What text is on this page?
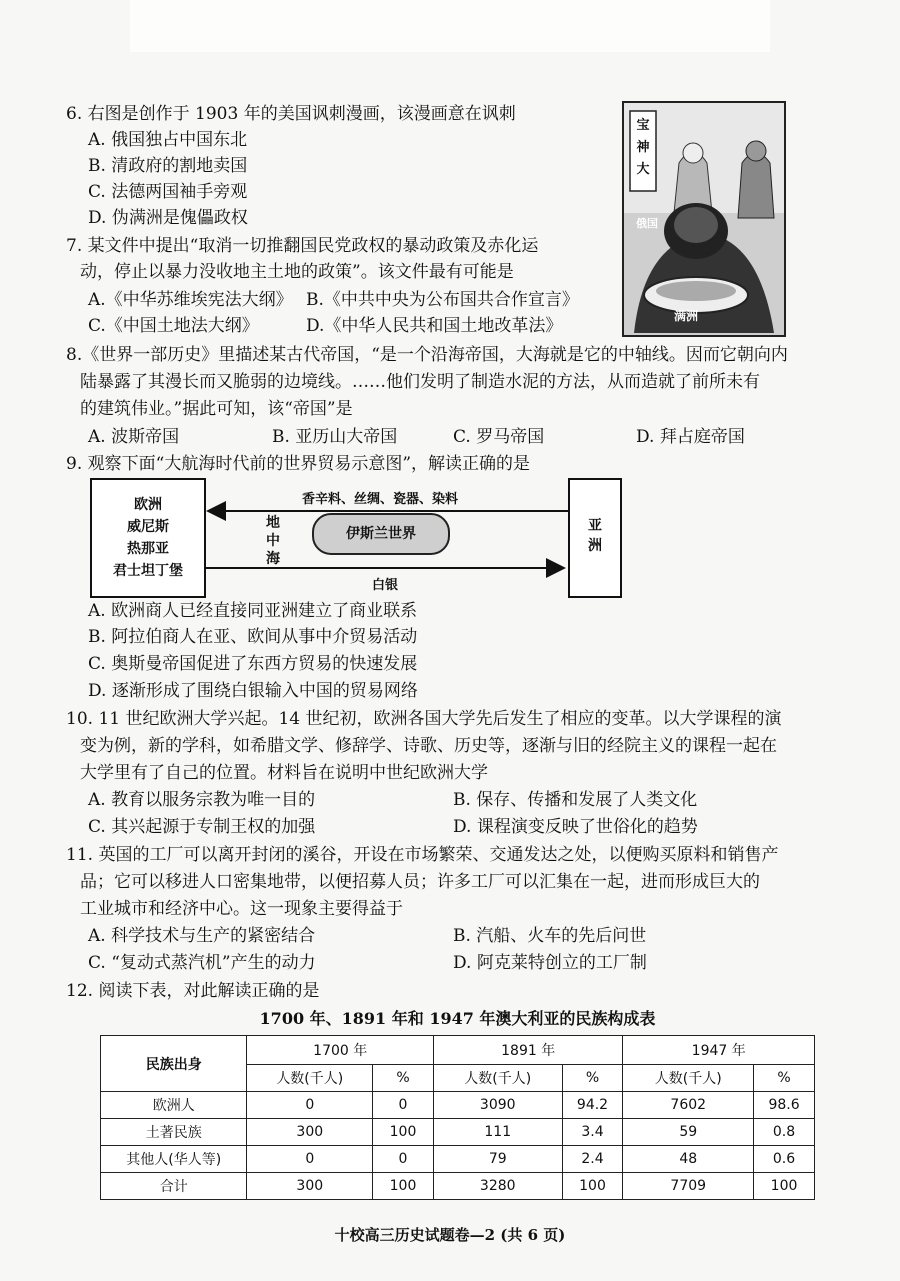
6. 右图是创作于 1903 年的美国讽刺漫画，该漫画意在讽刺
A. 俄国独占中国东北
B. 清政府的割地卖国
C. 法德两国袖手旁观
D. 伪满洲是傀儡政权
宝神大
俄国
满洲
7. 某文件中提出“取消一切推翻国民党政权的暴动政策及赤化运
动，停止以暴力没收地主土地的政策”。该文件最有可能是
A.《中华苏维埃宪法大纲》 B.《中共中央为公布国共合作宣言》
C.《中国土地法大纲》	D.《中华人民共和国土地改革法》
8.《世界一部历史》里描述某古代帝国，“是一个沿海帝国，大海就是它的中轴线。因而它朝向内
陆暴露了其漫长而又脆弱的边境线。……他们发明了制造水泥的方法，从而造就了前所未有
的建筑伟业。”据此可知，该“帝国”是
A. 波斯帝国	B. 亚历山大帝国	C. 罗马帝国	D. 拜占庭帝国
9. 观察下面“大航海时代前的世界贸易示意图”，解读正确的是
欧洲
威尼斯
热那亚
君士坦丁堡
亚
洲
香辛料、丝绸、瓷器、染料
白银
地
中
海
伊斯兰世界
A. 欧洲商人已经直接同亚洲建立了商业联系
B. 阿拉伯商人在亚、欧间从事中介贸易活动
C. 奥斯曼帝国促进了东西方贸易的快速发展
D. 逐渐形成了围绕白银输入中国的贸易网络
10. 11 世纪欧洲大学兴起。14 世纪初，欧洲各国大学先后发生了相应的变革。以大学课程的演
变为例，新的学科，如希腊文学、修辞学、诗歌、历史等，逐渐与旧的经院主义的课程一起在
大学里有了自己的位置。材料旨在说明中世纪欧洲大学
A. 教育以服务宗教为唯一目的	B. 保存、传播和发展了人类文化
C. 其兴起源于专制王权的加强	D. 课程演变反映了世俗化的趋势
11. 英国的工厂可以离开封闭的溪谷，开设在市场繁荣、交通发达之处，以便购买原料和销售产
品；它可以移进人口密集地带，以便招募人员；许多工厂可以汇集在一起，进而形成巨大的
工业城市和经济中心。这一现象主要得益于
A. 科学技术与生产的紧密结合	B. 汽船、火车的先后问世
C. “复动式蒸汽机”产生的动力	D. 阿克莱特创立的工厂制
12. 阅读下表，对此解读正确的是
1700 年、1891 年和 1947 年澳大利亚的民族构成表
民族出身	1700 年		1891 年		1947 年	
	人数(千人)	%	人数(千人)	%	人数(千人)	%
欧洲人	0	0	3090	94.2	7602	98.6
土著民族	300	100	111	3.4	59	0.8
其他人(华人等)	0	0	79	2.4	48	0.6
合计	300	100	3280	100	7709	100
十校高三历史试题卷—2 (共 6 页)
